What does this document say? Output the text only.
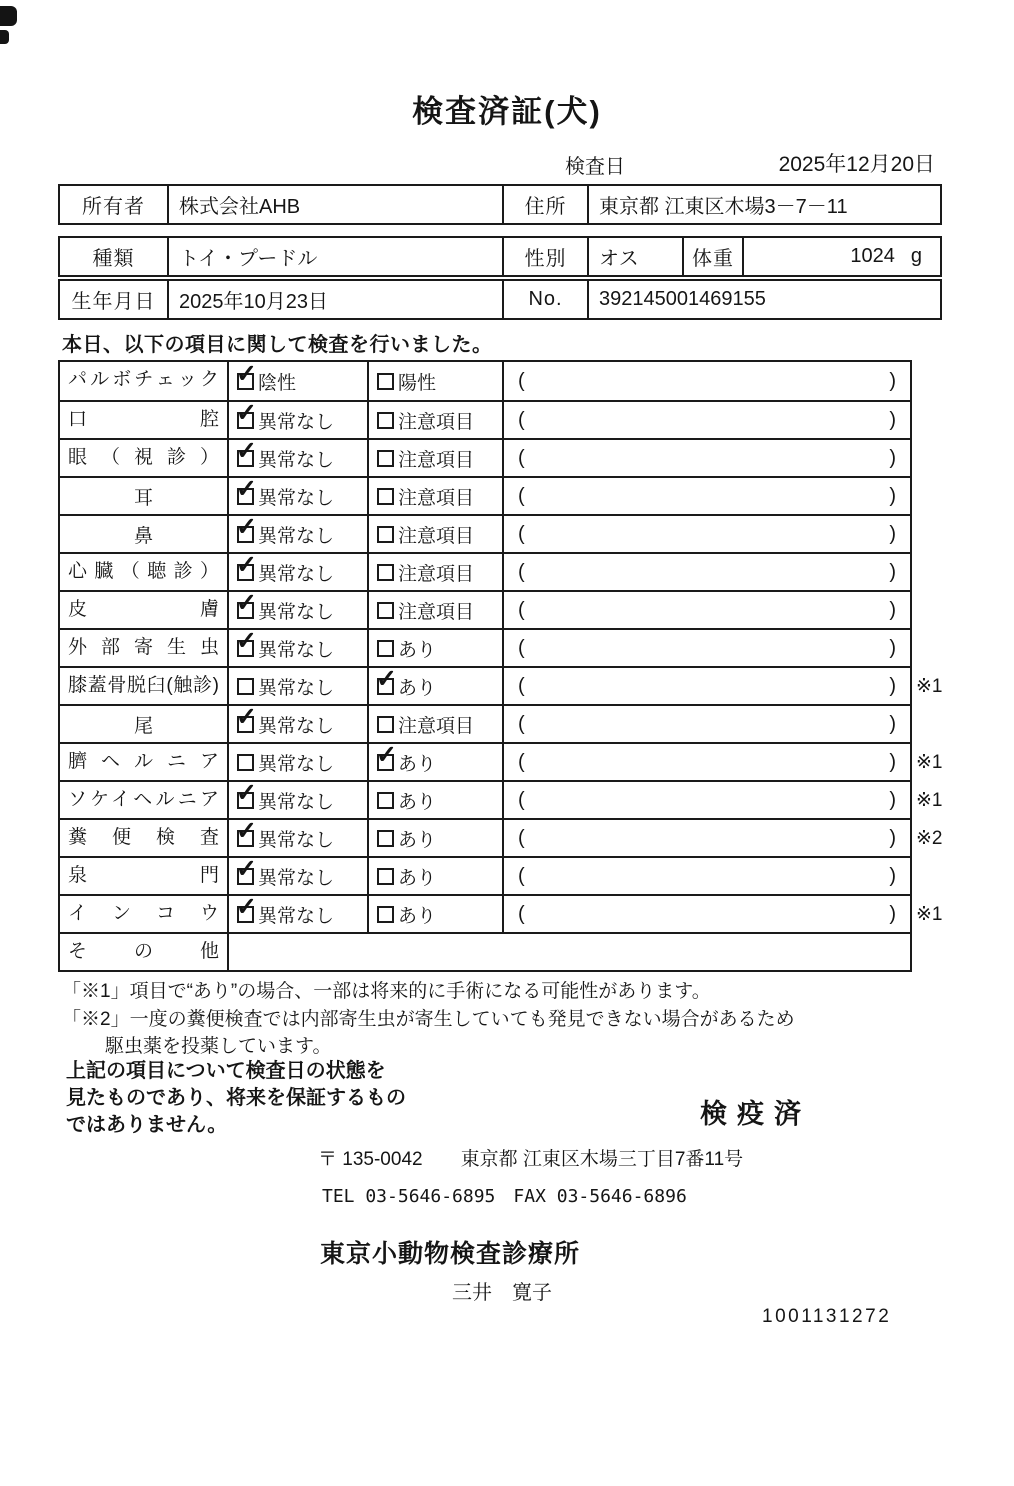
検査済証(犬)
検査日	2025年12月20日
所有者	株式会社AHB	住所	東京都 江東区木場3－7－11
種類	トイ・プードル	性別	オス	体重	1024 g
生年月日	2025年10月23日	No.	392145001469155
本日、以下の項目に関して検査を行いました。
パルボチェック ✓	陰性	陽性	(	)
口腔 ✓	異常なし	注意項目 (	)
眼（視診） ✓	異常なし	注意項目 (	)
耳 ✓	異常なし	注意項目 (	)
鼻 ✓	異常なし	注意項目 (	)
心臓（聴診） ✓	異常なし	注意項目 (	)
皮膚 ✓	異常なし	注意項目 (	)
外部寄生虫 ✓	異常なし	あり	(	)
膝蓋骨脱臼(触診)	異常なし ✓	あり	(	) ※1
尾 ✓	異常なし	注意項目 (	)
臍ヘルニア	異常なし ✓	あり	(	) ※1
ソケイヘルニア ✓	異常なし	あり	(	) ※1
糞便検査 ✓	異常なし	あり	(	) ※2
泉門 ✓	異常なし	あり	(	)
インコウ ✓	異常なし	あり	(	) ※1
その他
「※1」項目で“あり”の場合、一部は将来的に手術になる可能性があります。
「※2」一度の糞便検査では内部寄生虫が寄生していても発見できない場合があるため
駆虫薬を投薬しています。
上記の項目について検査日の状態を
見たものであり、将来を保証するもの
ではありません。	検疫済
〒 135-0042 東京都 江東区木場三丁目7番11号
TEL 03-5646-6895 FAX 03-5646-6896
東京小動物検査診療所
三井　寛子
1001131272
